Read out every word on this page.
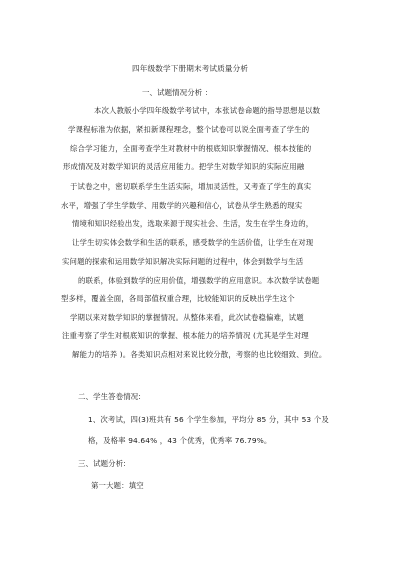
四年级数学下册期末考试质量分析
一、试题情况分析 ：
本次人教版小学四年级数学考试中，本张试卷命题的指导思想是以数
学课程标准为依据，紧扣新课程理念，整个试卷可以说全面考查了学生的
综合学习能力，全面考查学生对教材中的根底知识掌握情况、根本技能的
形成情况及对数学知识的灵活应用能力。把学生对数学知识的实际应用融
于试卷之中，密切联系学生生活实际，增加灵活性，又考查了学生的真实
水平，增强了学生学数学、用数学的兴趣和信心，试卷从学生熟悉的现实
情境和知识经验出发，选取来源于现实社会、生活，发生在学生身边的，
让学生切实体会数学和生活的联系，感受数学的生活价值，让学生在对现
实问题的探索和运用数学知识解决实际问题的过程中，体会到数学与生活
的联系，体验到数学的应用价值，增强数学的应用意识。本次数学试卷题
型多样，覆盖全面，各局部值权重合理，比较能知识的反映出学生这个
学期以来对数学知识的掌握情况。从整体来看，此次试卷稳偏难，试题
注重考察了学生对根底知识的掌握、根本能力的培养情况 (尤其是学生对理
解能力的培养 )。各类知识点相对来说比较分散，考察的也比较细致、到位。
二、学生答卷情况:
1、次考试，四(3)班共有 56 个学生参加，平均分 85 分，其中 53 个及
格，及格率 94.64% ，43 个优秀，优秀率 76.79%。
三、试题分析:
第一大题：填空
